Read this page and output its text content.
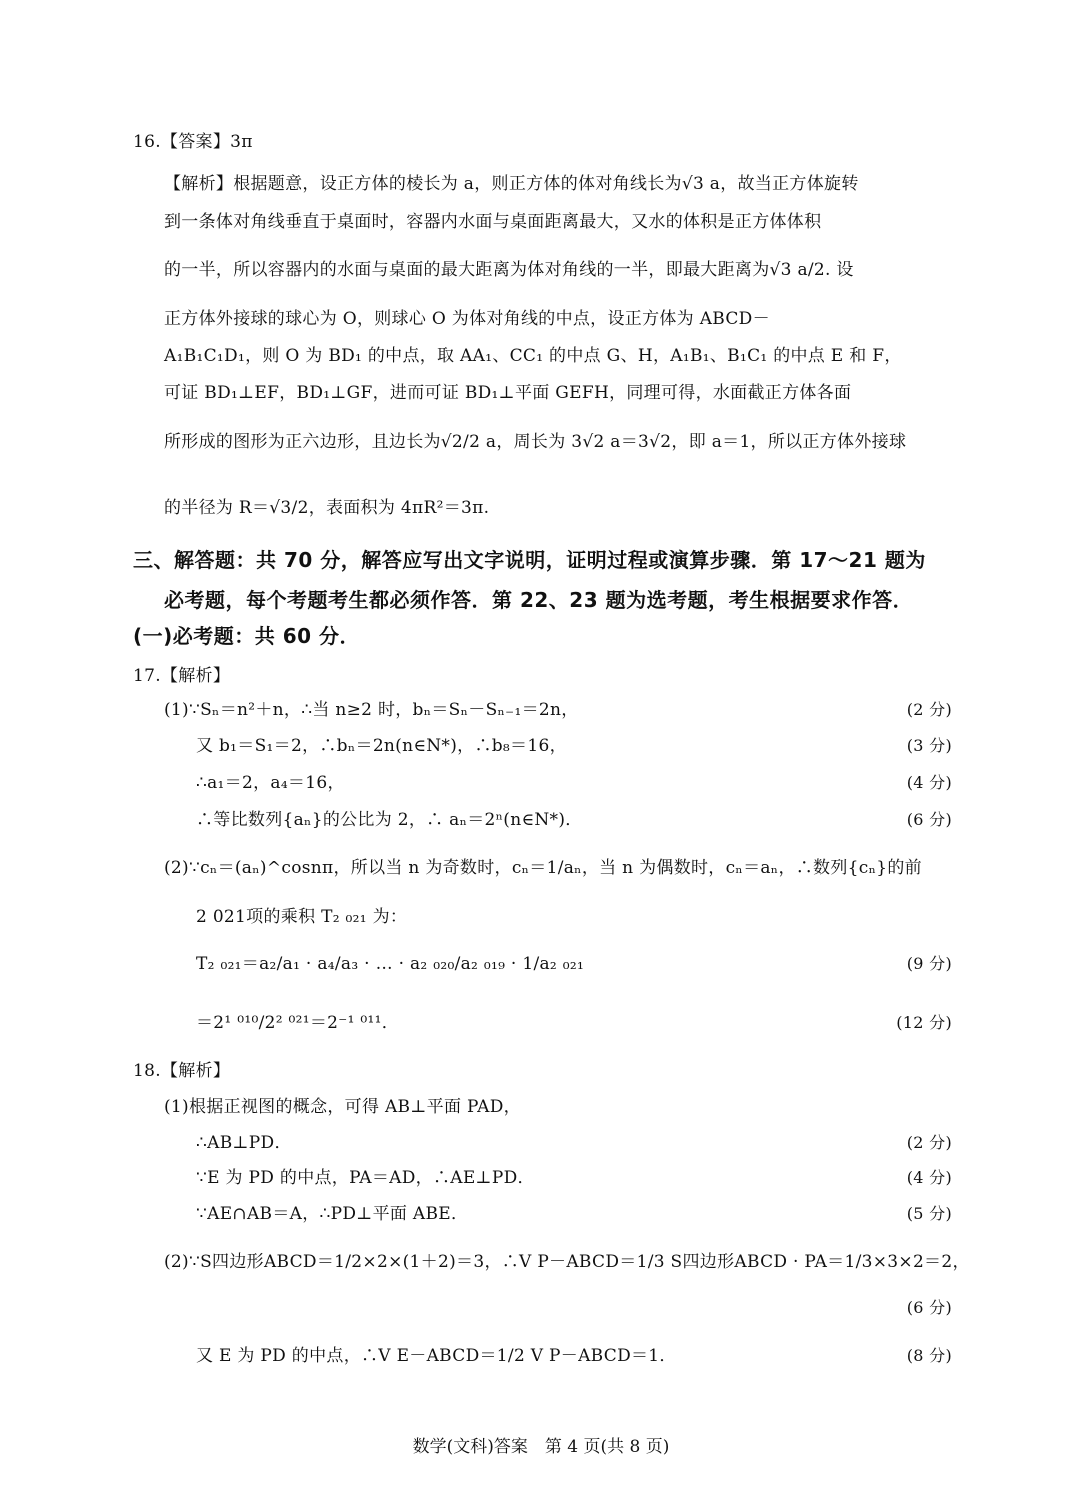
16.【答案】3π
【解析】根据题意，设正方体的棱长为 a，则正方体的体对角线长为√3 a，故当正方体旋转
到一条体对角线垂直于桌面时，容器内水面与桌面距离最大，又水的体积是正方体体积
的一半，所以容器内的水面与桌面的最大距离为体对角线的一半，即最大距离为√3 a/2. 设
正方体外接球的球心为 O，则球心 O 为体对角线的中点，设正方体为 ABCD－
A₁B₁C₁D₁，则 O 为 BD₁ 的中点，取 AA₁、CC₁ 的中点 G、H，A₁B₁、B₁C₁ 的中点 E 和 F，
可证 BD₁⊥EF，BD₁⊥GF，进而可证 BD₁⊥平面 GEFH，同理可得，水面截正方体各面
所形成的图形为正六边形，且边长为√2/2 a，周长为 3√2 a＝3√2，即 a＝1，所以正方体外接球
的半径为 R＝√3/2，表面积为 4πR²＝3π.
三、解答题：共 70 分，解答应写出文字说明，证明过程或演算步骤．第 17～21 题为
必考题，每个考题考生都必须作答．第 22、23 题为选考题，考生根据要求作答．
(一)必考题：共 60 分．
17.【解析】
(1)∵Sₙ＝n²＋n，∴当 n≥2 时，bₙ＝Sₙ－Sₙ₋₁＝2n，	(2 分)
又 b₁＝S₁＝2，∴bₙ＝2n(n∈N*)，∴b₈＝16，	(3 分)
∴a₁＝2，a₄＝16，	(4 分)
∴等比数列{aₙ}的公比为 2，∴ aₙ＝2ⁿ(n∈N*)．	(6 分)
(2)∵cₙ＝(aₙ)^cosnπ，所以当 n 为奇数时，cₙ＝1/aₙ，当 n 为偶数时，cₙ＝aₙ，∴数列{cₙ}的前
2 021项的乘积 T₂ ₀₂₁ 为：
T₂ ₀₂₁＝a₂/a₁ · a₄/a₃ · … · a₂ ₀₂₀/a₂ ₀₁₉ · 1/a₂ ₀₂₁	(9 分)
＝2¹ ⁰¹⁰/2² ⁰²¹＝2⁻¹ ⁰¹¹．	(12 分)
18.【解析】
(1)根据正视图的概念，可得 AB⊥平面 PAD，
∴AB⊥PD．	(2 分)
∵E 为 PD 的中点，PA＝AD，∴AE⊥PD．	(4 分)
∵AE∩AB＝A，∴PD⊥平面 ABE．	(5 分)
(2)∵S四边形ABCD＝1/2×2×(1＋2)＝3，∴V P－ABCD＝1/3 S四边形ABCD · PA＝1/3×3×2＝2，
(6 分)
又 E 为 PD 的中点，∴V E－ABCD＝1/2 V P－ABCD＝1．	(8 分)
数学(文科)答案　第 4 页(共 8 页)
